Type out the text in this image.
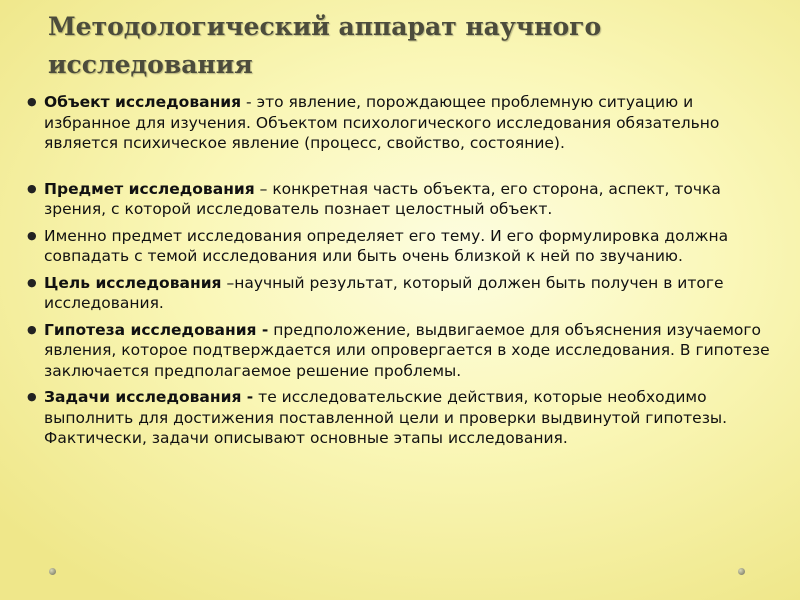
Методологический аппарат научного исследования
● Объект исследования - это явление, порождающее проблемную ситуацию и избранное для изучения. Объектом психологического исследования обязательно является психическое явление (процесс, свойство, состояние).
● Предмет исследования – конкретная часть объекта, его сторона, аспект, точка зрения, с которой исследователь познает целостный объект.
● Именно предмет исследования определяет его тему. И его формулировка должна совпадать с темой исследования или быть очень близкой к ней по звучанию.
● Цель исследования –научный результат, который должен быть получен в итоге исследования.
● Гипотеза исследования - предположение, выдвигаемое для объяснения изучаемого явления, которое подтверждается или опровергается в ходе исследования. В гипотезе заключается предполагаемое решение проблемы.
● Задачи исследования - те исследовательские действия, которые необходимо выполнить для достижения поставленной цели и проверки выдвинутой гипотезы. Фактически, задачи описывают основные этапы исследования.
